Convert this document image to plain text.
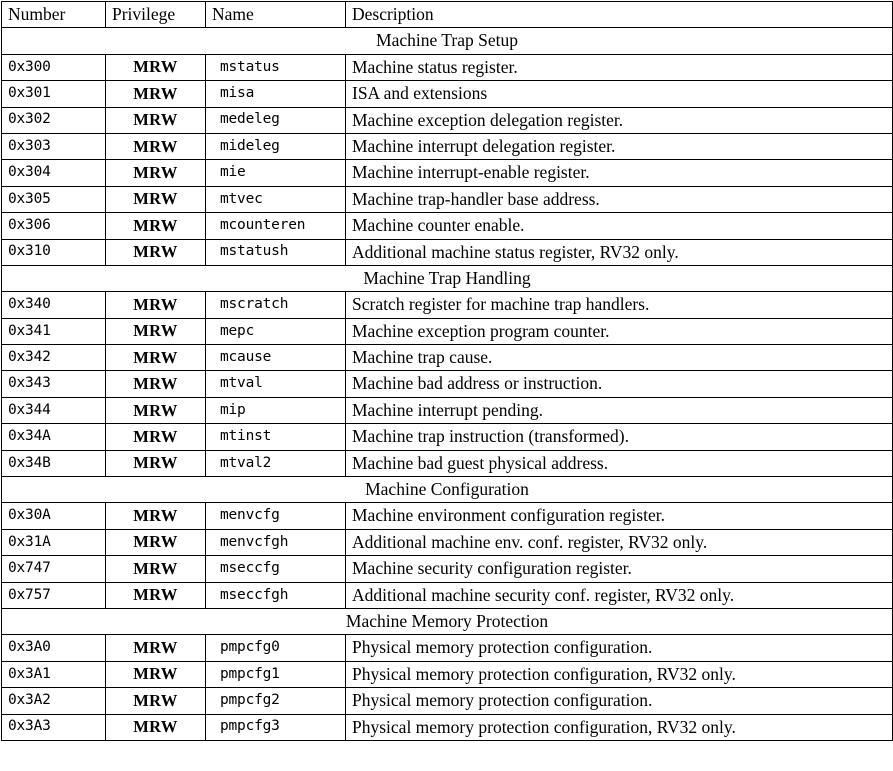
Number	Privilege	Name	Description
Machine Trap Setup			
0x300	MRW	mstatus	Machine status register.
0x301	MRW	misa	ISA and extensions
0x302	MRW	medeleg	Machine exception delegation register.
0x303	MRW	mideleg	Machine interrupt delegation register.
0x304	MRW	mie	Machine interrupt-enable register.
0x305	MRW	mtvec	Machine trap-handler base address.
0x306	MRW	mcounteren	Machine counter enable.
0x310	MRW	mstatush	Additional machine status register, RV32 only.
Machine Trap Handling			
0x340	MRW	mscratch	Scratch register for machine trap handlers.
0x341	MRW	mepc	Machine exception program counter.
0x342	MRW	mcause	Machine trap cause.
0x343	MRW	mtval	Machine bad address or instruction.
0x344	MRW	mip	Machine interrupt pending.
0x34A	MRW	mtinst	Machine trap instruction (transformed).
0x34B	MRW	mtval2	Machine bad guest physical address.
Machine Configuration			
0x30A	MRW	menvcfg	Machine environment configuration register.
0x31A	MRW	menvcfgh	Additional machine env. conf. register, RV32 only.
0x747	MRW	mseccfg	Machine security configuration register.
0x757	MRW	mseccfgh	Additional machine security conf. register, RV32 only.
Machine Memory Protection			
0x3A0	MRW	pmpcfg0	Physical memory protection configuration.
0x3A1	MRW	pmpcfg1	Physical memory protection configuration, RV32 only.
0x3A2	MRW	pmpcfg2	Physical memory protection configuration.
0x3A3	MRW	pmpcfg3	Physical memory protection configuration, RV32 only.
